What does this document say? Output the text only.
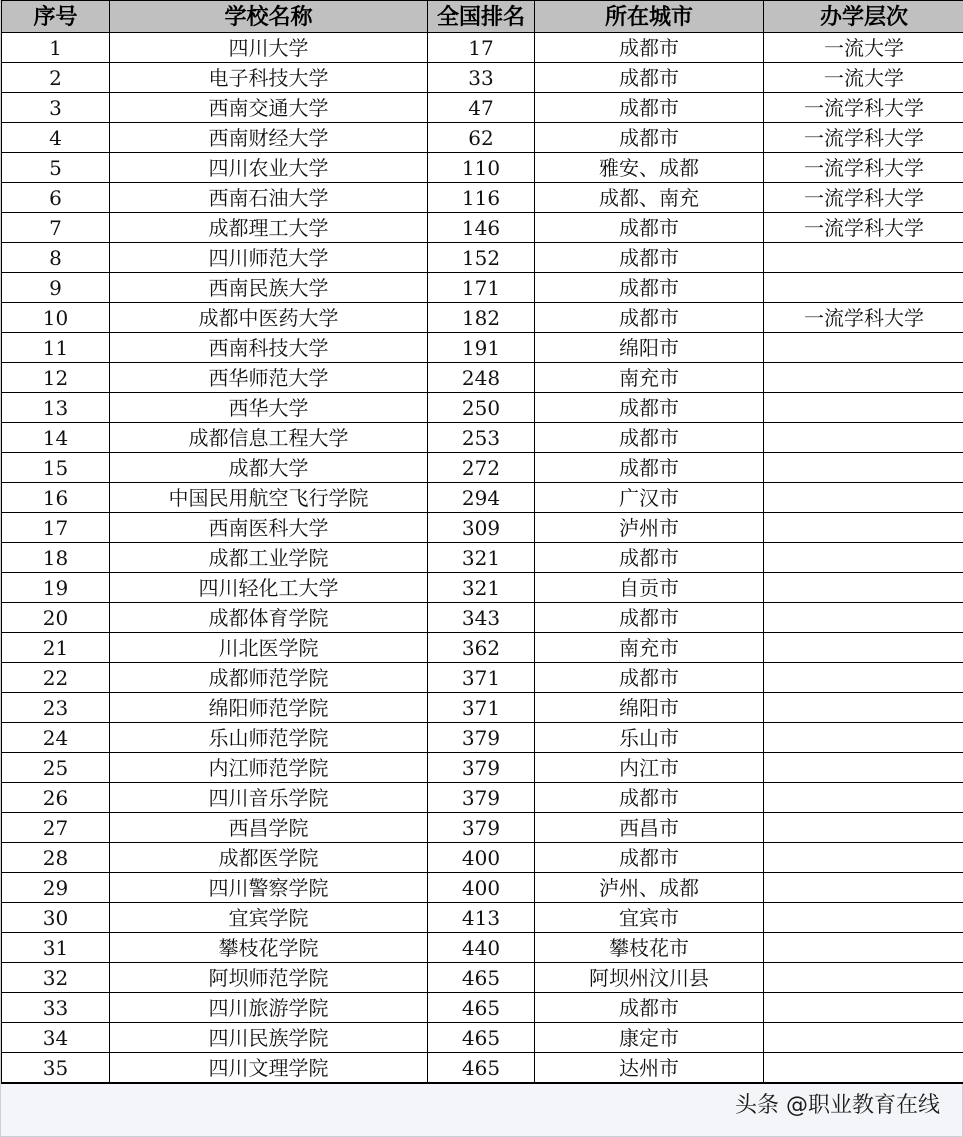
序号	学校名称	全国排名	所在城市	办学层次
1	四川大学	17	成都市	一流大学
2	电子科技大学	33	成都市	一流大学
3	西南交通大学	47	成都市	一流学科大学
4	西南财经大学	62	成都市	一流学科大学
5	四川农业大学	110	雅安、成都	一流学科大学
6	西南石油大学	116	成都、南充	一流学科大学
7	成都理工大学	146	成都市	一流学科大学
8	四川师范大学	152	成都市	
9	西南民族大学	171	成都市	
10	成都中医药大学	182	成都市	一流学科大学
11	西南科技大学	191	绵阳市	
12	西华师范大学	248	南充市	
13	西华大学	250	成都市	
14	成都信息工程大学	253	成都市	
15	成都大学	272	成都市	
16	中国民用航空飞行学院	294	广汉市	
17	西南医科大学	309	泸州市	
18	成都工业学院	321	成都市	
19	四川轻化工大学	321	自贡市	
20	成都体育学院	343	成都市	
21	川北医学院	362	南充市	
22	成都师范学院	371	成都市	
23	绵阳师范学院	371	绵阳市	
24	乐山师范学院	379	乐山市	
25	内江师范学院	379	内江市	
26	四川音乐学院	379	成都市	
27	西昌学院	379	西昌市	
28	成都医学院	400	成都市	
29	四川警察学院	400	泸州、成都	
30	宜宾学院	413	宜宾市	
31	攀枝花学院	440	攀枝花市	
32	阿坝师范学院	465	阿坝州汶川县	
33	四川旅游学院	465	成都市	
34	四川民族学院	465	康定市	
35	四川文理学院	465	达州市	
头条 @职业教育在线
